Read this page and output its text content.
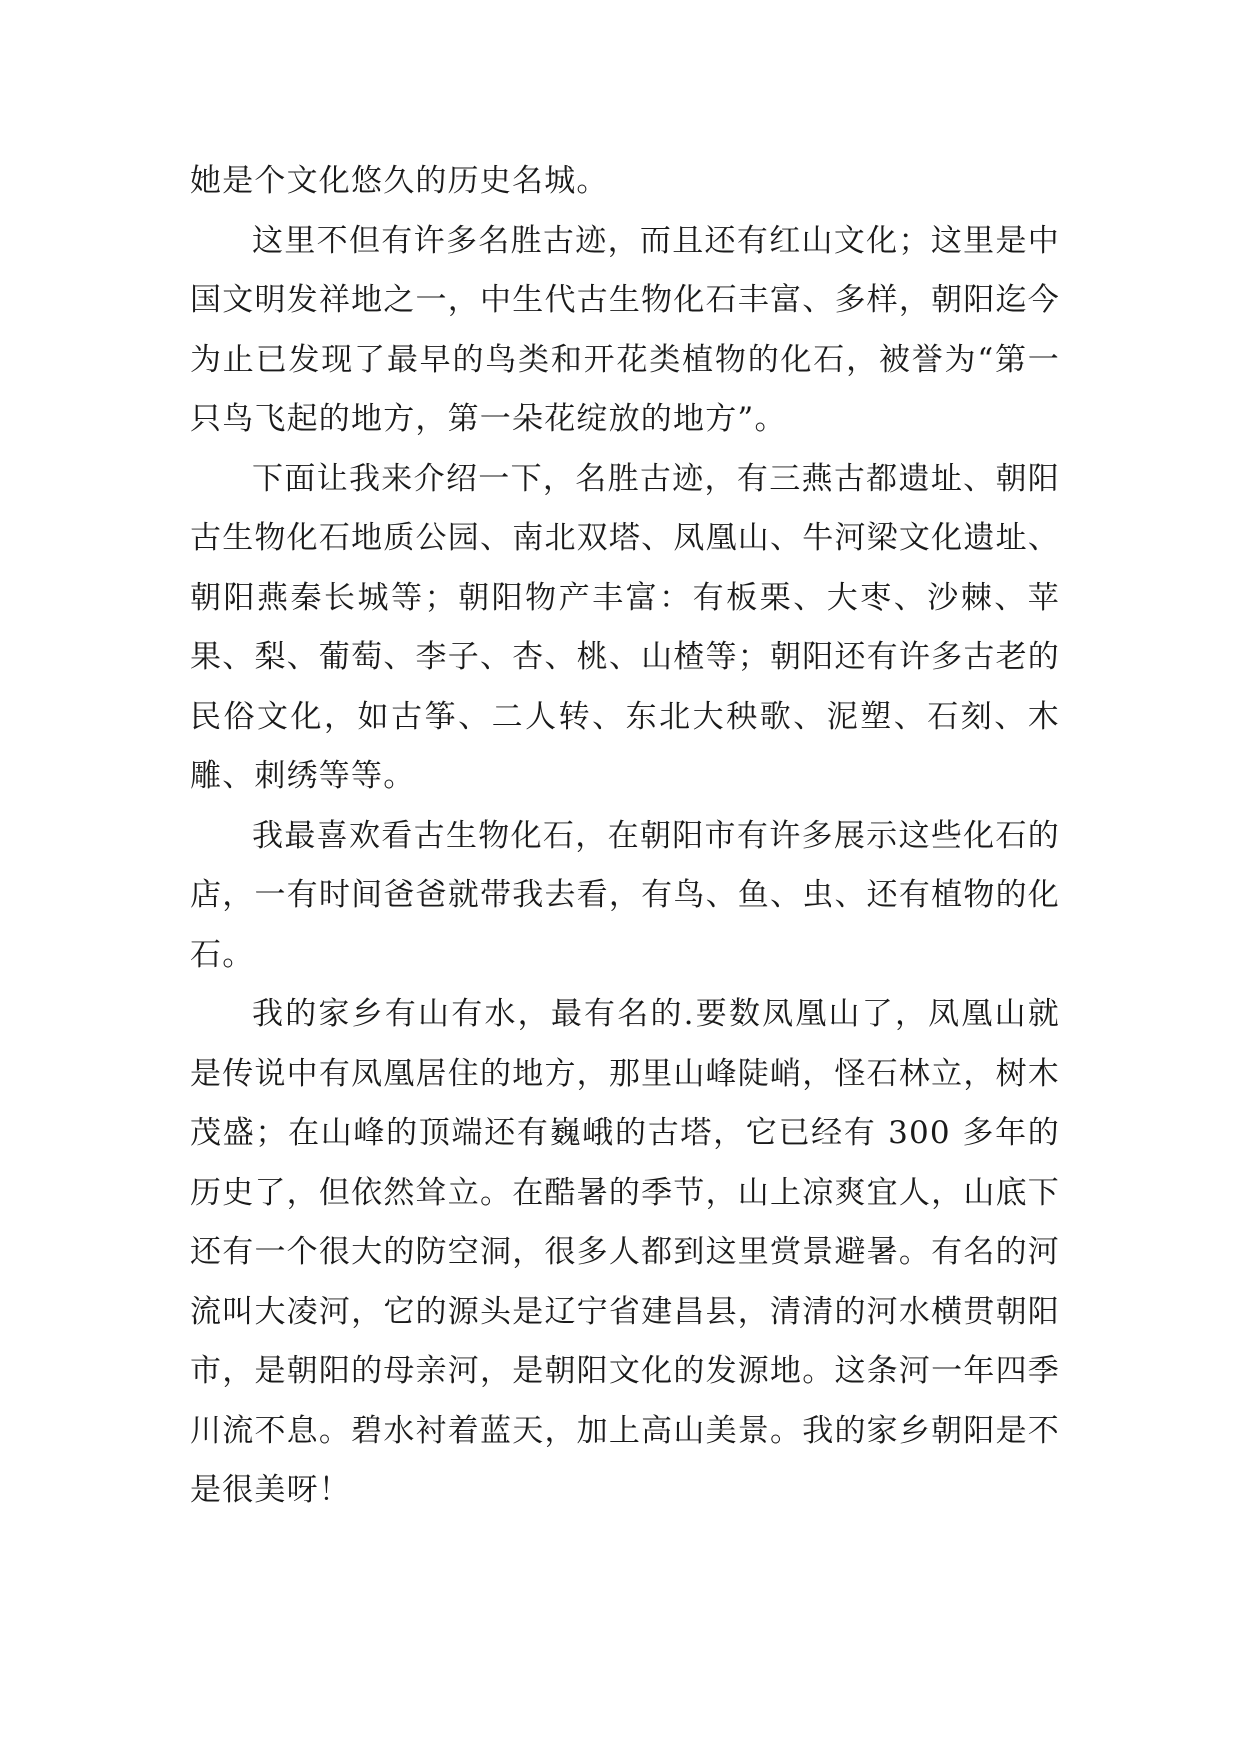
她是个文化悠久的历史名城。

这里不但有许多名胜古迹，而且还有红山文化；这里是中国文明发祥地之一，中生代古生物化石丰富、多样，朝阳迄今为止已发现了最早的鸟类和开花类植物的化石，被誉为“第一只鸟飞起的地方，第一朵花绽放的地方”。

下面让我来介绍一下，名胜古迹，有三燕古都遗址、朝阳古生物化石地质公园、南北双塔、凤凰山、牛河梁文化遗址、朝阳燕秦长城等；朝阳物产丰富：有板栗、大枣、沙棘、苹果、梨、葡萄、李子、杏、桃、山楂等；朝阳还有许多古老的民俗文化，如古筝、二人转、东北大秧歌、泥塑、石刻、木雕、刺绣等等。

我最喜欢看古生物化石，在朝阳市有许多展示这些化石的店，一有时间爸爸就带我去看，有鸟、鱼、虫、还有植物的化石。

我的家乡有山有水，最有名的.要数凤凰山了，凤凰山就是传说中有凤凰居住的地方，那里山峰陡峭，怪石林立，树木茂盛；在山峰的顶端还有巍峨的古塔，它已经有 300 多年的历史了，但依然耸立。在酷暑的季节，山上凉爽宜人，山底下还有一个很大的防空洞，很多人都到这里赏景避暑。有名的河流叫大凌河，它的源头是辽宁省建昌县，清清的河水横贯朝阳市，是朝阳的母亲河，是朝阳文化的发源地。这条河一年四季川流不息。碧水衬着蓝天，加上高山美景。我的家乡朝阳是不是很美呀！
